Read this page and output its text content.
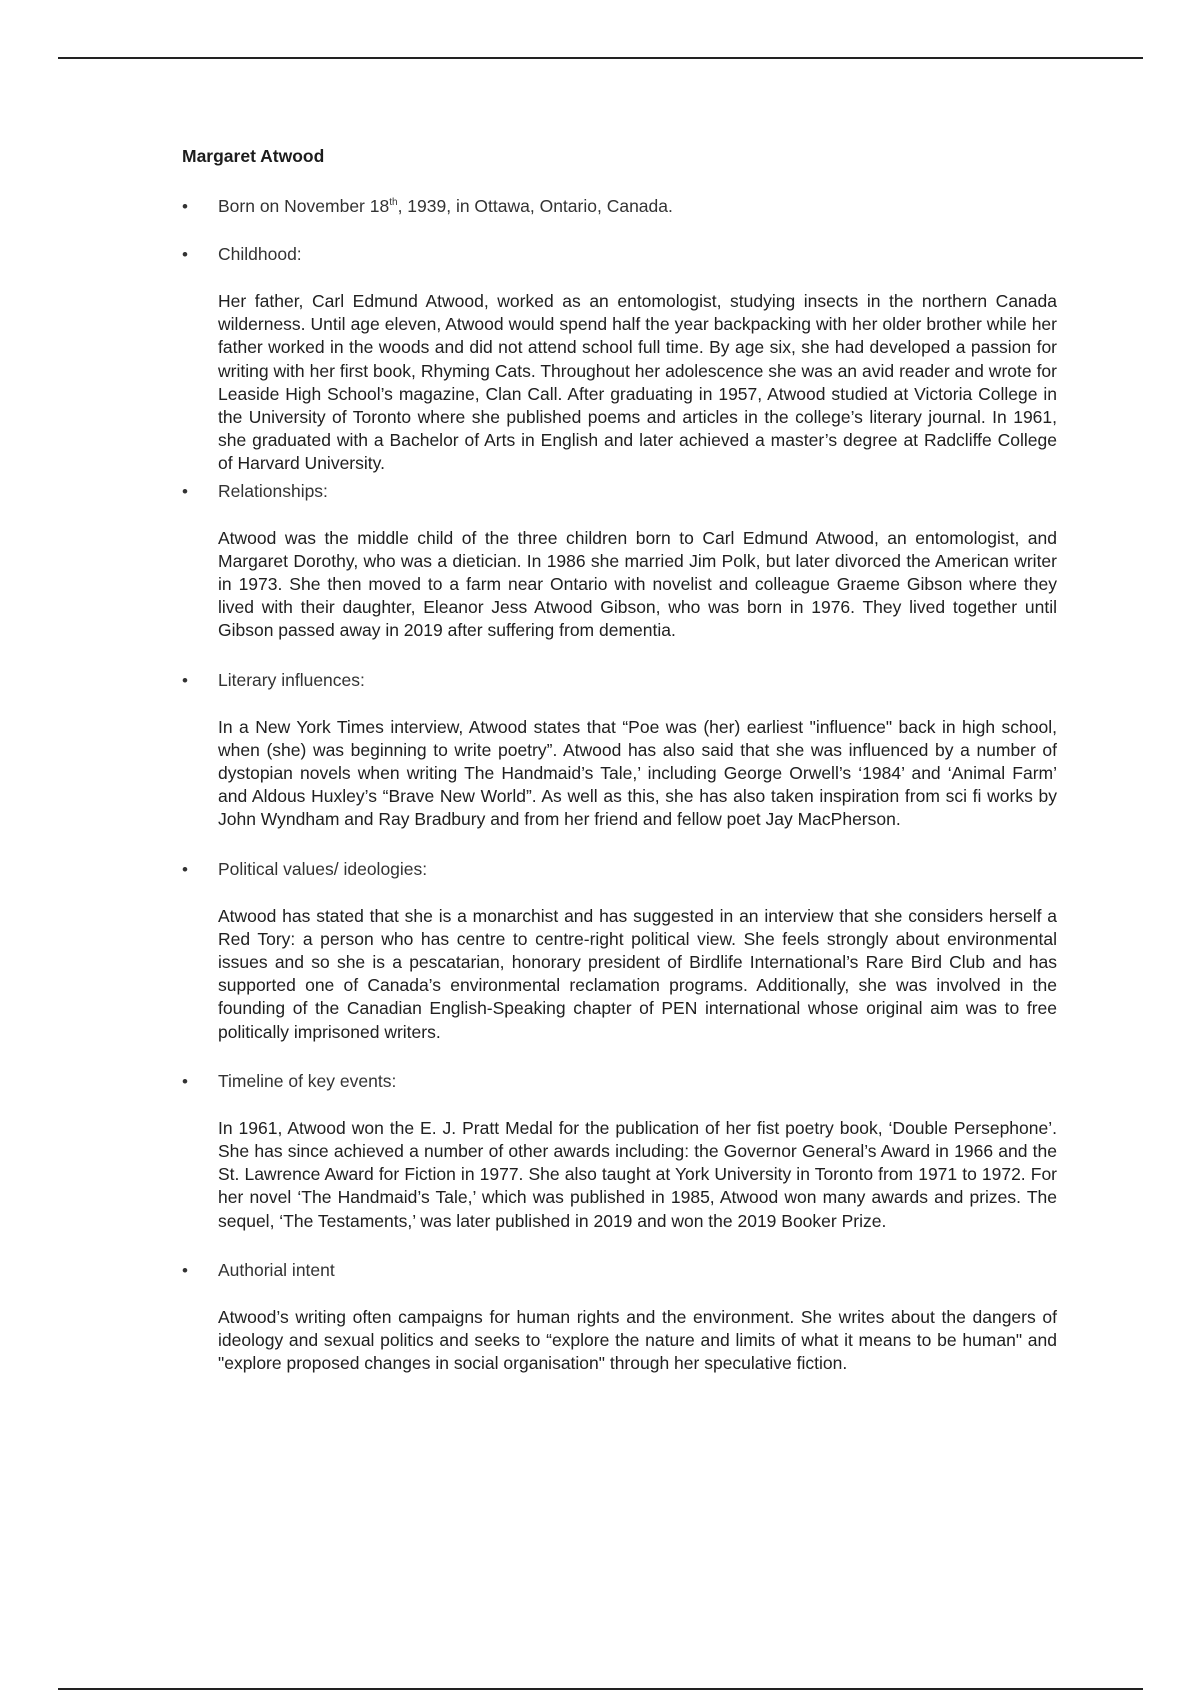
Margaret Atwood
• Born on November 18th, 1939, in Ottawa, Ontario, Canada.
• Childhood:
Her father, Carl Edmund Atwood, worked as an entomologist, studying insects in the northern Canada wilderness. Until age eleven, Atwood would spend half the year backpacking with her older brother while her father worked in the woods and did not attend school full time. By age six, she had developed a passion for writing with her first book, Rhyming Cats. Throughout her adolescence she was an avid reader and wrote for Leaside High School’s magazine, Clan Call. After graduating in 1957, Atwood studied at Victoria College in the University of Toronto where she published poems and articles in the college’s literary journal. In 1961, she graduated with a Bachelor of Arts in English and later achieved a master’s degree at Radcliffe College of Harvard University.
• Relationships:
Atwood was the middle child of the three children born to Carl Edmund Atwood, an entomologist, and Margaret Dorothy, who was a dietician. In 1986 she married Jim Polk, but later divorced the American writer in 1973. She then moved to a farm near Ontario with novelist and colleague Graeme Gibson where they lived with their daughter, Eleanor Jess Atwood Gibson, who was born in 1976. They lived together until Gibson passed away in 2019 after suffering from dementia.
• Literary influences:
In a New York Times interview, Atwood states that “Poe was (her) earliest "influence" back in high school, when (she) was beginning to write poetry”. Atwood has also said that she was influenced by a number of dystopian novels when writing The Handmaid’s Tale,’ including George Orwell’s ‘1984’ and ‘Animal Farm’ and Aldous Huxley’s “Brave New World”. As well as this, she has also taken inspiration from sci fi works by John Wyndham and Ray Bradbury and from her friend and fellow poet Jay MacPherson.
• Political values/ ideologies:
Atwood has stated that she is a monarchist and has suggested in an interview that she considers herself a Red Tory: a person who has centre to centre-right political view. She feels strongly about environmental issues and so she is a pescatarian, honorary president of Birdlife International’s Rare Bird Club and has supported one of Canada’s environmental reclamation programs. Additionally, she was involved in the founding of the Canadian English-Speaking chapter of PEN international whose original aim was to free politically imprisoned writers.
• Timeline of key events:
In 1961, Atwood won the E. J. Pratt Medal for the publication of her fist poetry book, ‘Double Persephone’. She has since achieved a number of other awards including: the Governor General’s Award in 1966 and the St. Lawrence Award for Fiction in 1977. She also taught at York University in Toronto from 1971 to 1972. For her novel ‘The Handmaid’s Tale,’ which was published in 1985, Atwood won many awards and prizes. The sequel, ‘The Testaments,’ was later published in 2019 and won the 2019 Booker Prize.
• Authorial intent
Atwood’s writing often campaigns for human rights and the environment. She writes about the dangers of ideology and sexual politics and seeks to “explore the nature and limits of what it means to be human" and "explore proposed changes in social organisation" through her speculative fiction.
